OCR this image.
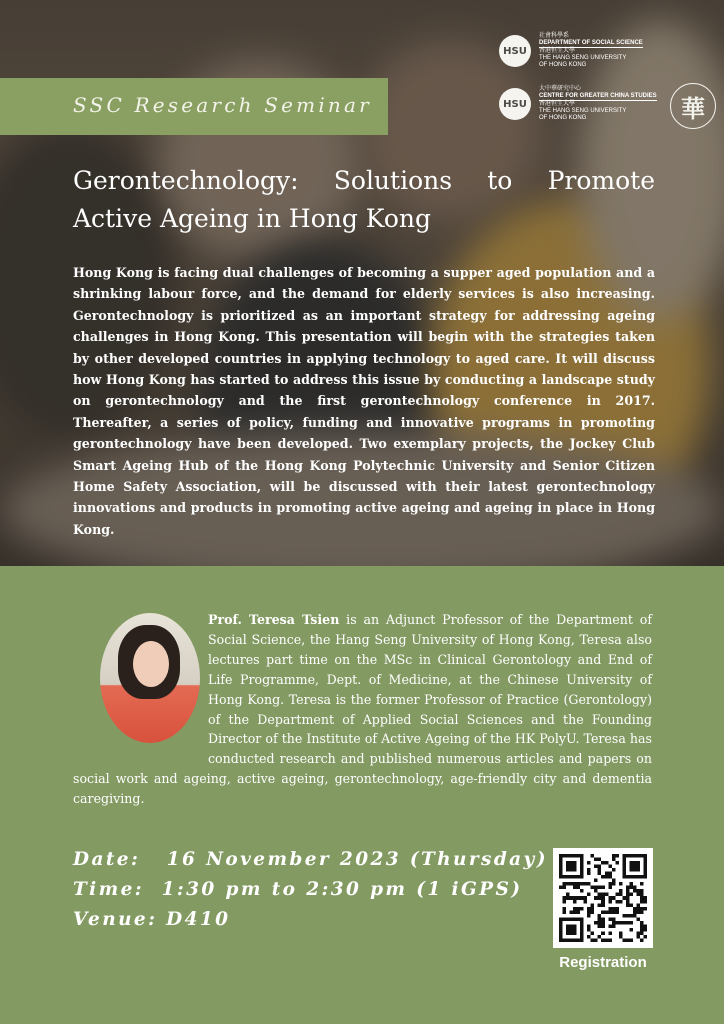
SSC Research Seminar
HSU
社會科學系
DEPARTMENT OF SOCIAL SCIENCE
香港恒生大學
THE HANG SENG UNIVERSITY
OF HONG KONG
HSU
大中華研究中心
CENTRE FOR GREATER CHINA STUDIES
香港恒生大學
THE HANG SENG UNIVERSITY
OF HONG KONG	華
Gerontechnology: Solutions to Promote Active Ageing in Hong Kong

Hong Kong is facing dual challenges of becoming a supper aged population and a shrinking labour force, and the demand for elderly services is also increasing. Gerontechnology is prioritized as an important strategy for addressing ageing challenges in Hong Kong. This presentation will begin with the strategies taken by other developed countries in applying technology to aged care. It will discuss how Hong Kong has started to address this issue by conducting a landscape study on gerontechnology and the first gerontechnology conference in 2017. Thereafter, a series of policy, funding and innovative programs in promoting gerontechnology have been developed. Two exemplary projects, the Jockey Club Smart Ageing Hub of the Hong Kong Polytechnic University and Senior Citizen Home Safety Association, will be discussed with their latest gerontechnology innovations and products in promoting active ageing and ageing in place in Hong Kong.

Prof. Teresa Tsien is an Adjunct Professor of the Department of Social Science, the Hang Seng University of Hong Kong, Teresa also lectures part time on the MSc in Clinical Gerontology and End of Life Programme, Dept. of Medicine, at the Chinese University of Hong Kong. Teresa is the former Professor of Practice (Gerontology) of the Department of Applied Social Sciences and the Founding Director of the Institute of Active Ageing of the HK PolyU. Teresa has conducted research and published numerous articles and papers on social work and ageing, active ageing, gerontechnology, age-friendly city and dementia caregiving.

Date:   16 November 2023 (Thursday)
Time:  1:30 pm to 2:30 pm (1 iGPS)
Venue: D410
Registration
